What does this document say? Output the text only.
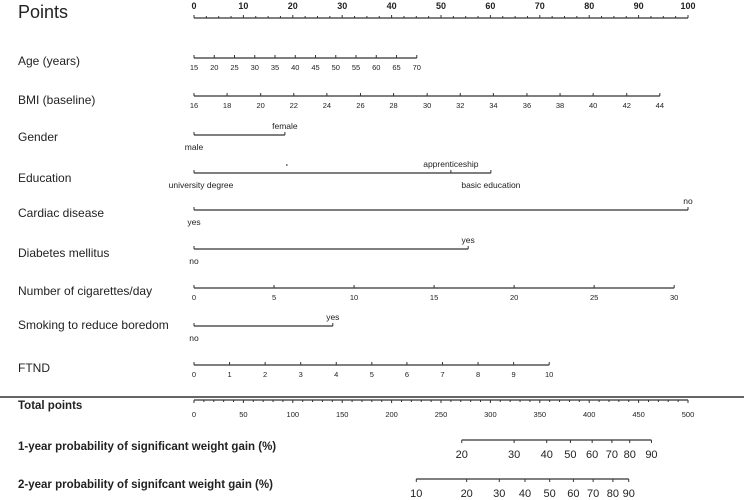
Points
Age (years)
BMI (baseline)
Gender
Education
Cardiac disease
Diabetes mellitus
Number of cigarettes/day
Smoking to reduce boredom
FTND
Total points
1-year probability of significant weight gain (%)
2-year probability of signifcant weight gain (%)
0	10	20	30	40	50	60	70	80	90	100
15 20 25 30 35 40 45 50 55 60 65 70
16	18	20	22	24	26	28	30	32	34	36	38	40	42	44
male
female
university degree
apprenticeship
basic education
yes
no
no
yes
0	5	10	15	20	25	30
no
yes
0	1	2	3	4	5	6	7	8	9	10
0	50	100	150	200	250	300	350	400	450	500
20	30 40 50 60 70 80 90
10	20 30 40 50 60 70 80 90
